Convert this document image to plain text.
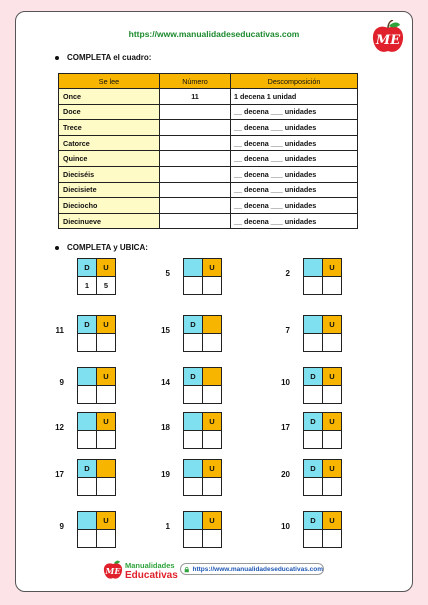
https://www.manualidadeseducativas.com	ME
COMPLETA el cuadro:
Se lee	Número	Descomposición
Once	11	1 decena 1 unidad
Doce		__ decena ___ unidades
Trece		__ decena ___ unidades
Catorce		__ decena ___ unidades
Quince		__ decena ___ unidades
Dieciséis		__ decena ___ unidades
Diecisiete		__ decena ___ unidades
Dieciocho		__ decena ___ unidades
Diecinueve		__ decena ___ unidades
COMPLETA y UBICA:
D	U
1	5
5
U
2
U
11
D	U
15
D
7
U
9
U
14
D
10
D	U
12
U
18
U
17
D	U
17
D
19
U
20
D	U
9
U
1
U
10
D	U
ME
Manualidades
Educativas
https://www.manualidadeseducativas.com
